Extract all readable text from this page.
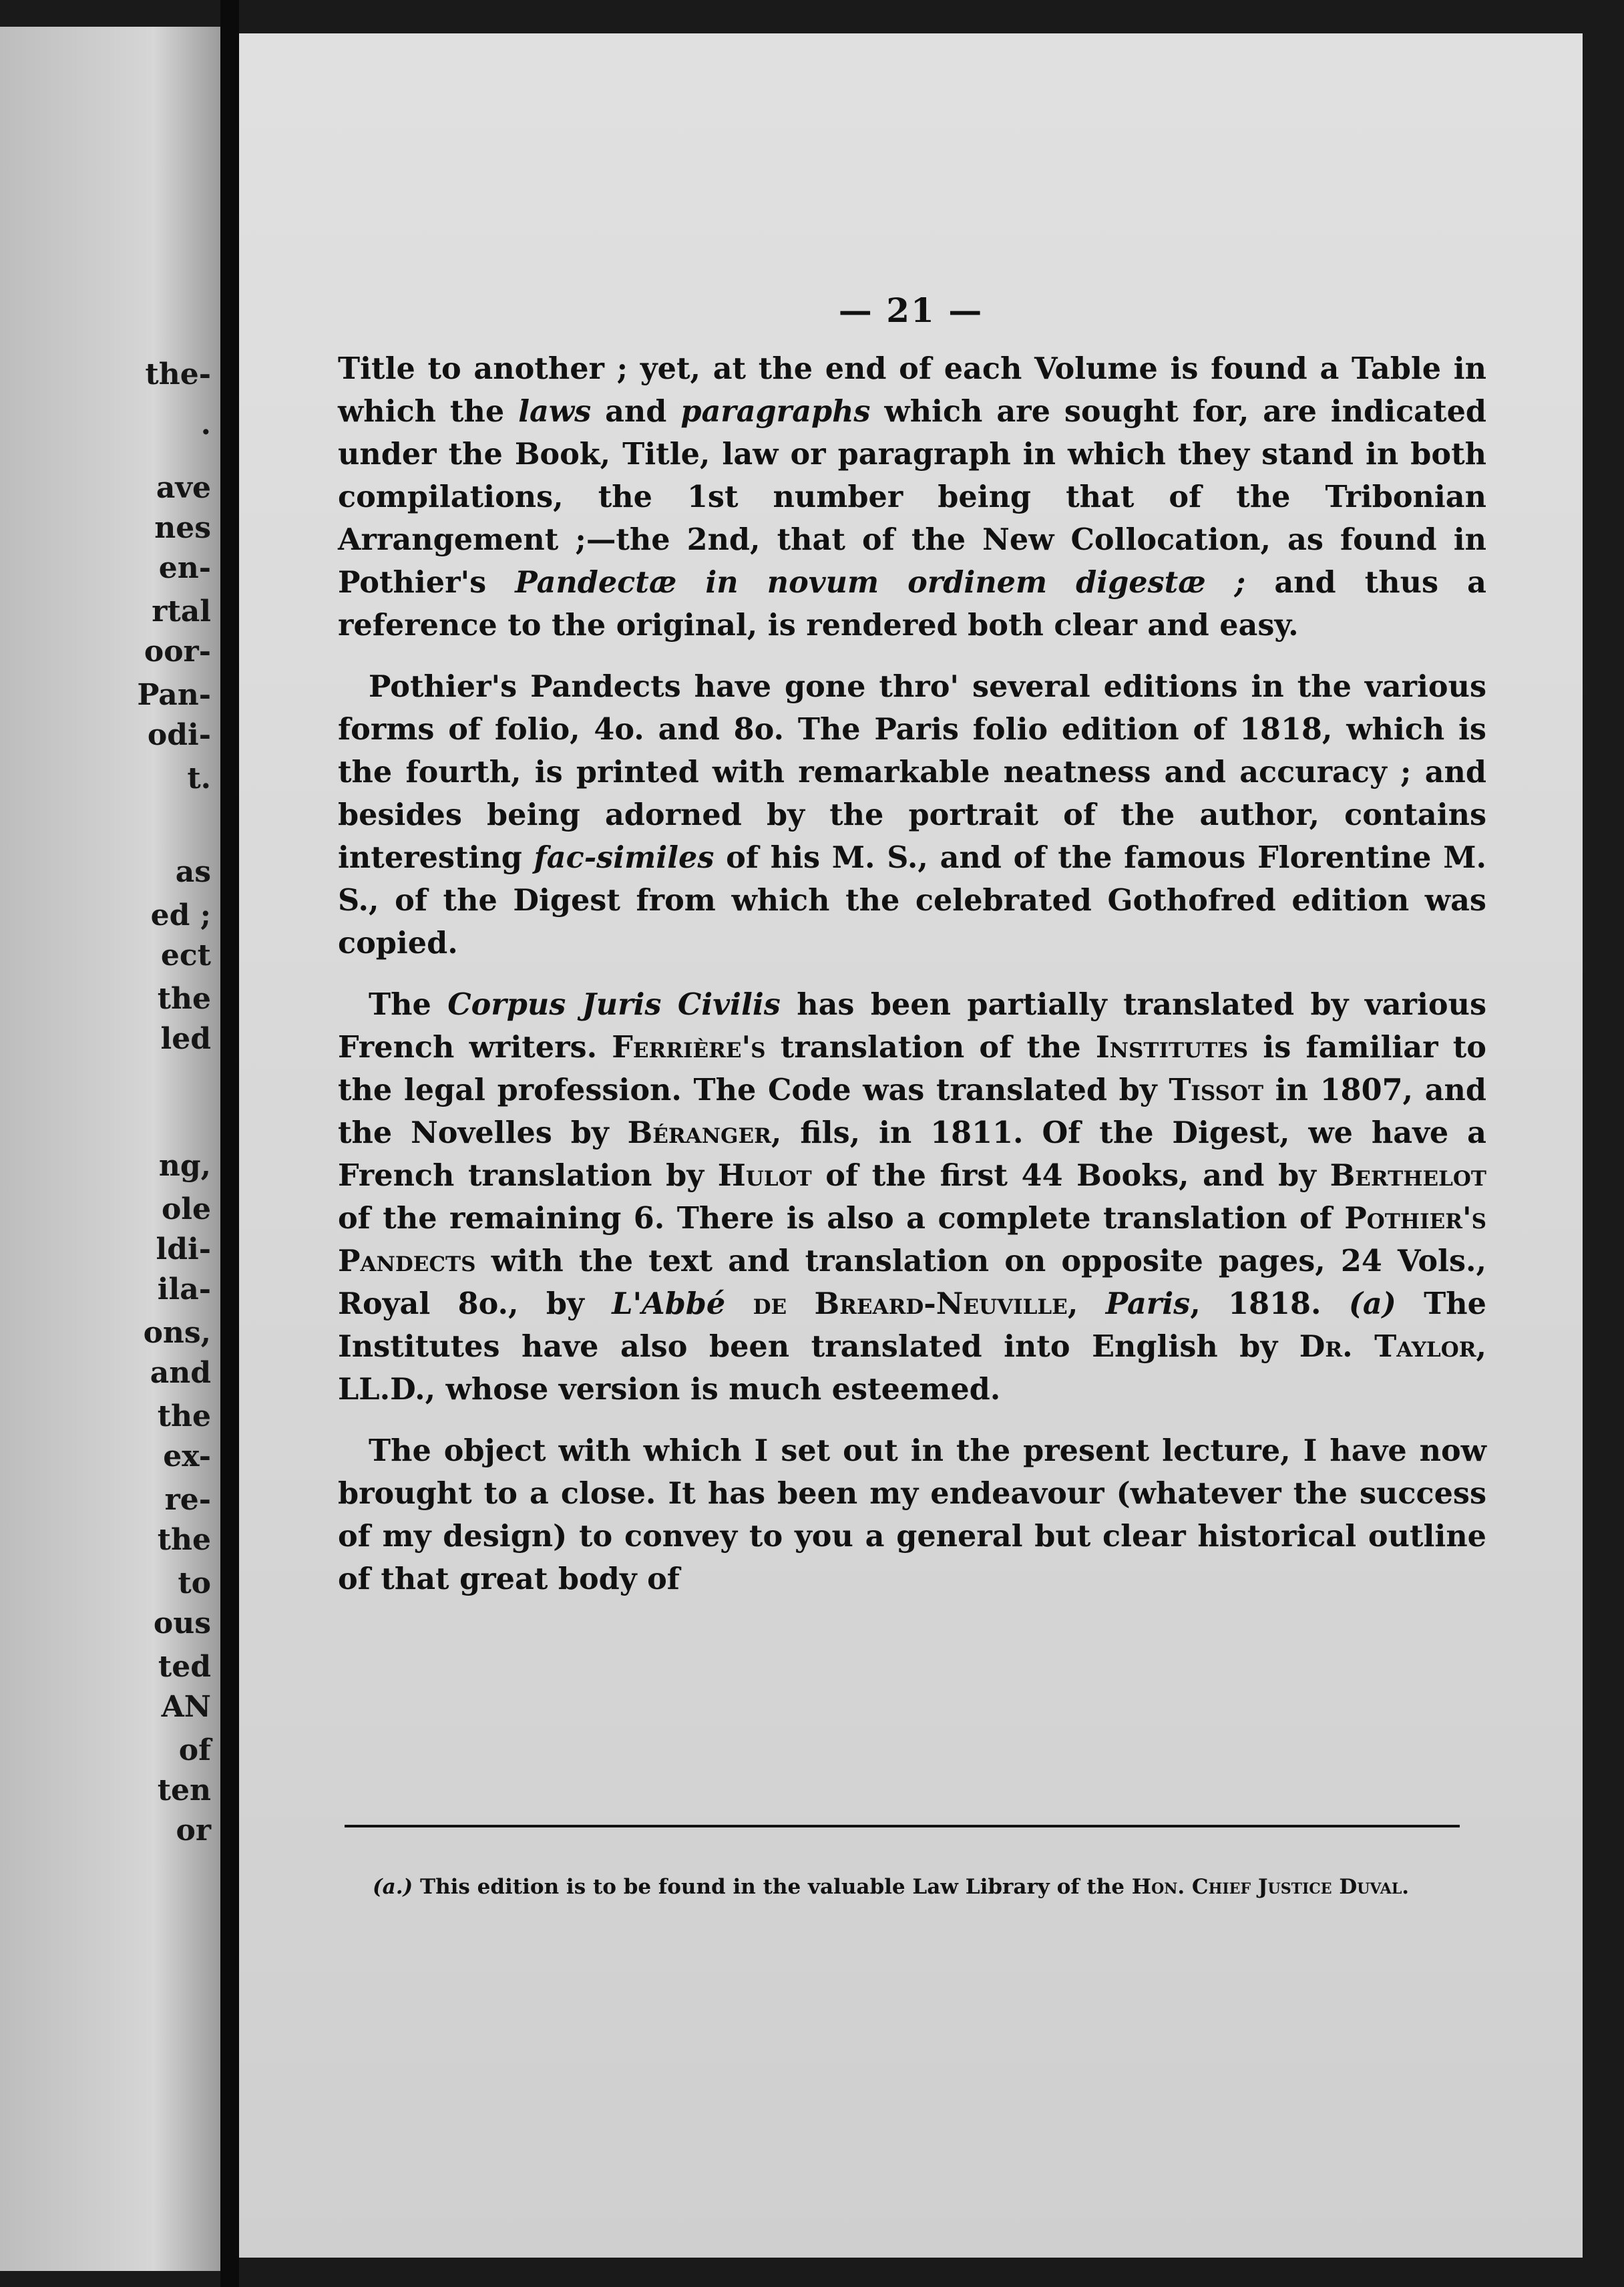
the-
.
ave
nes
en-
rtal
oor-
Pan-
odi-
t.
as
ed ;
ect
the
led
ng,
ole
ldi-
ila-
ons,
and
the
ex-
re-
the
to
ous
ted
AN
of
ten
or
— 21 —

Title to another ; yet, at the end of each Volume is found a Table in which the laws and paragraphs which are sought for, are indicated under the Book, Title, law or paragraph in which they stand in both compilations, the 1st number being that of the Tribonian Arrangement ;—the 2nd, that of the New Collocation, as found in Pothier's Pandectæ in novum ordinem digestæ ; and thus a reference to the original, is rendered both clear and easy.

Pothier's Pandects have gone thro' several editions in the various forms of folio, 4o. and 8o. The Paris folio edition of 1818, which is the fourth, is printed with remarkable neatness and accuracy ; and besides being adorned by the portrait of the author, contains interesting fac-similes of his M. S., and of the famous Florentine M. S., of the Digest from which the celebrated Gothofred edition was copied.

The Corpus Juris Civilis has been partially translated by various French writers. Ferrière's translation of the Institutes is familiar to the legal profession. The Code was translated by Tissot in 1807, and the Novelles by Béranger, fils, in 1811. Of the Digest, we have a French translation by Hulot of the first 44 Books, and by Berthelot of the remaining 6. There is also a complete translation of Pothier's Pandects with the text and translation on opposite pages, 24 Vols., Royal 8o., by L'Abbé de Breard-Neuville, Paris, 1818. (a) The Institutes have also been translated into English by Dr. Taylor, LL.D., whose version is much esteemed.

The object with which I set out in the present lecture, I have now brought to a close. It has been my endeavour (whatever the success of my design) to convey to you a general but clear historical outline of that great body of

(a.) This edition is to be found in the valuable Law Library of the Hon. Chief Justice Duval.
